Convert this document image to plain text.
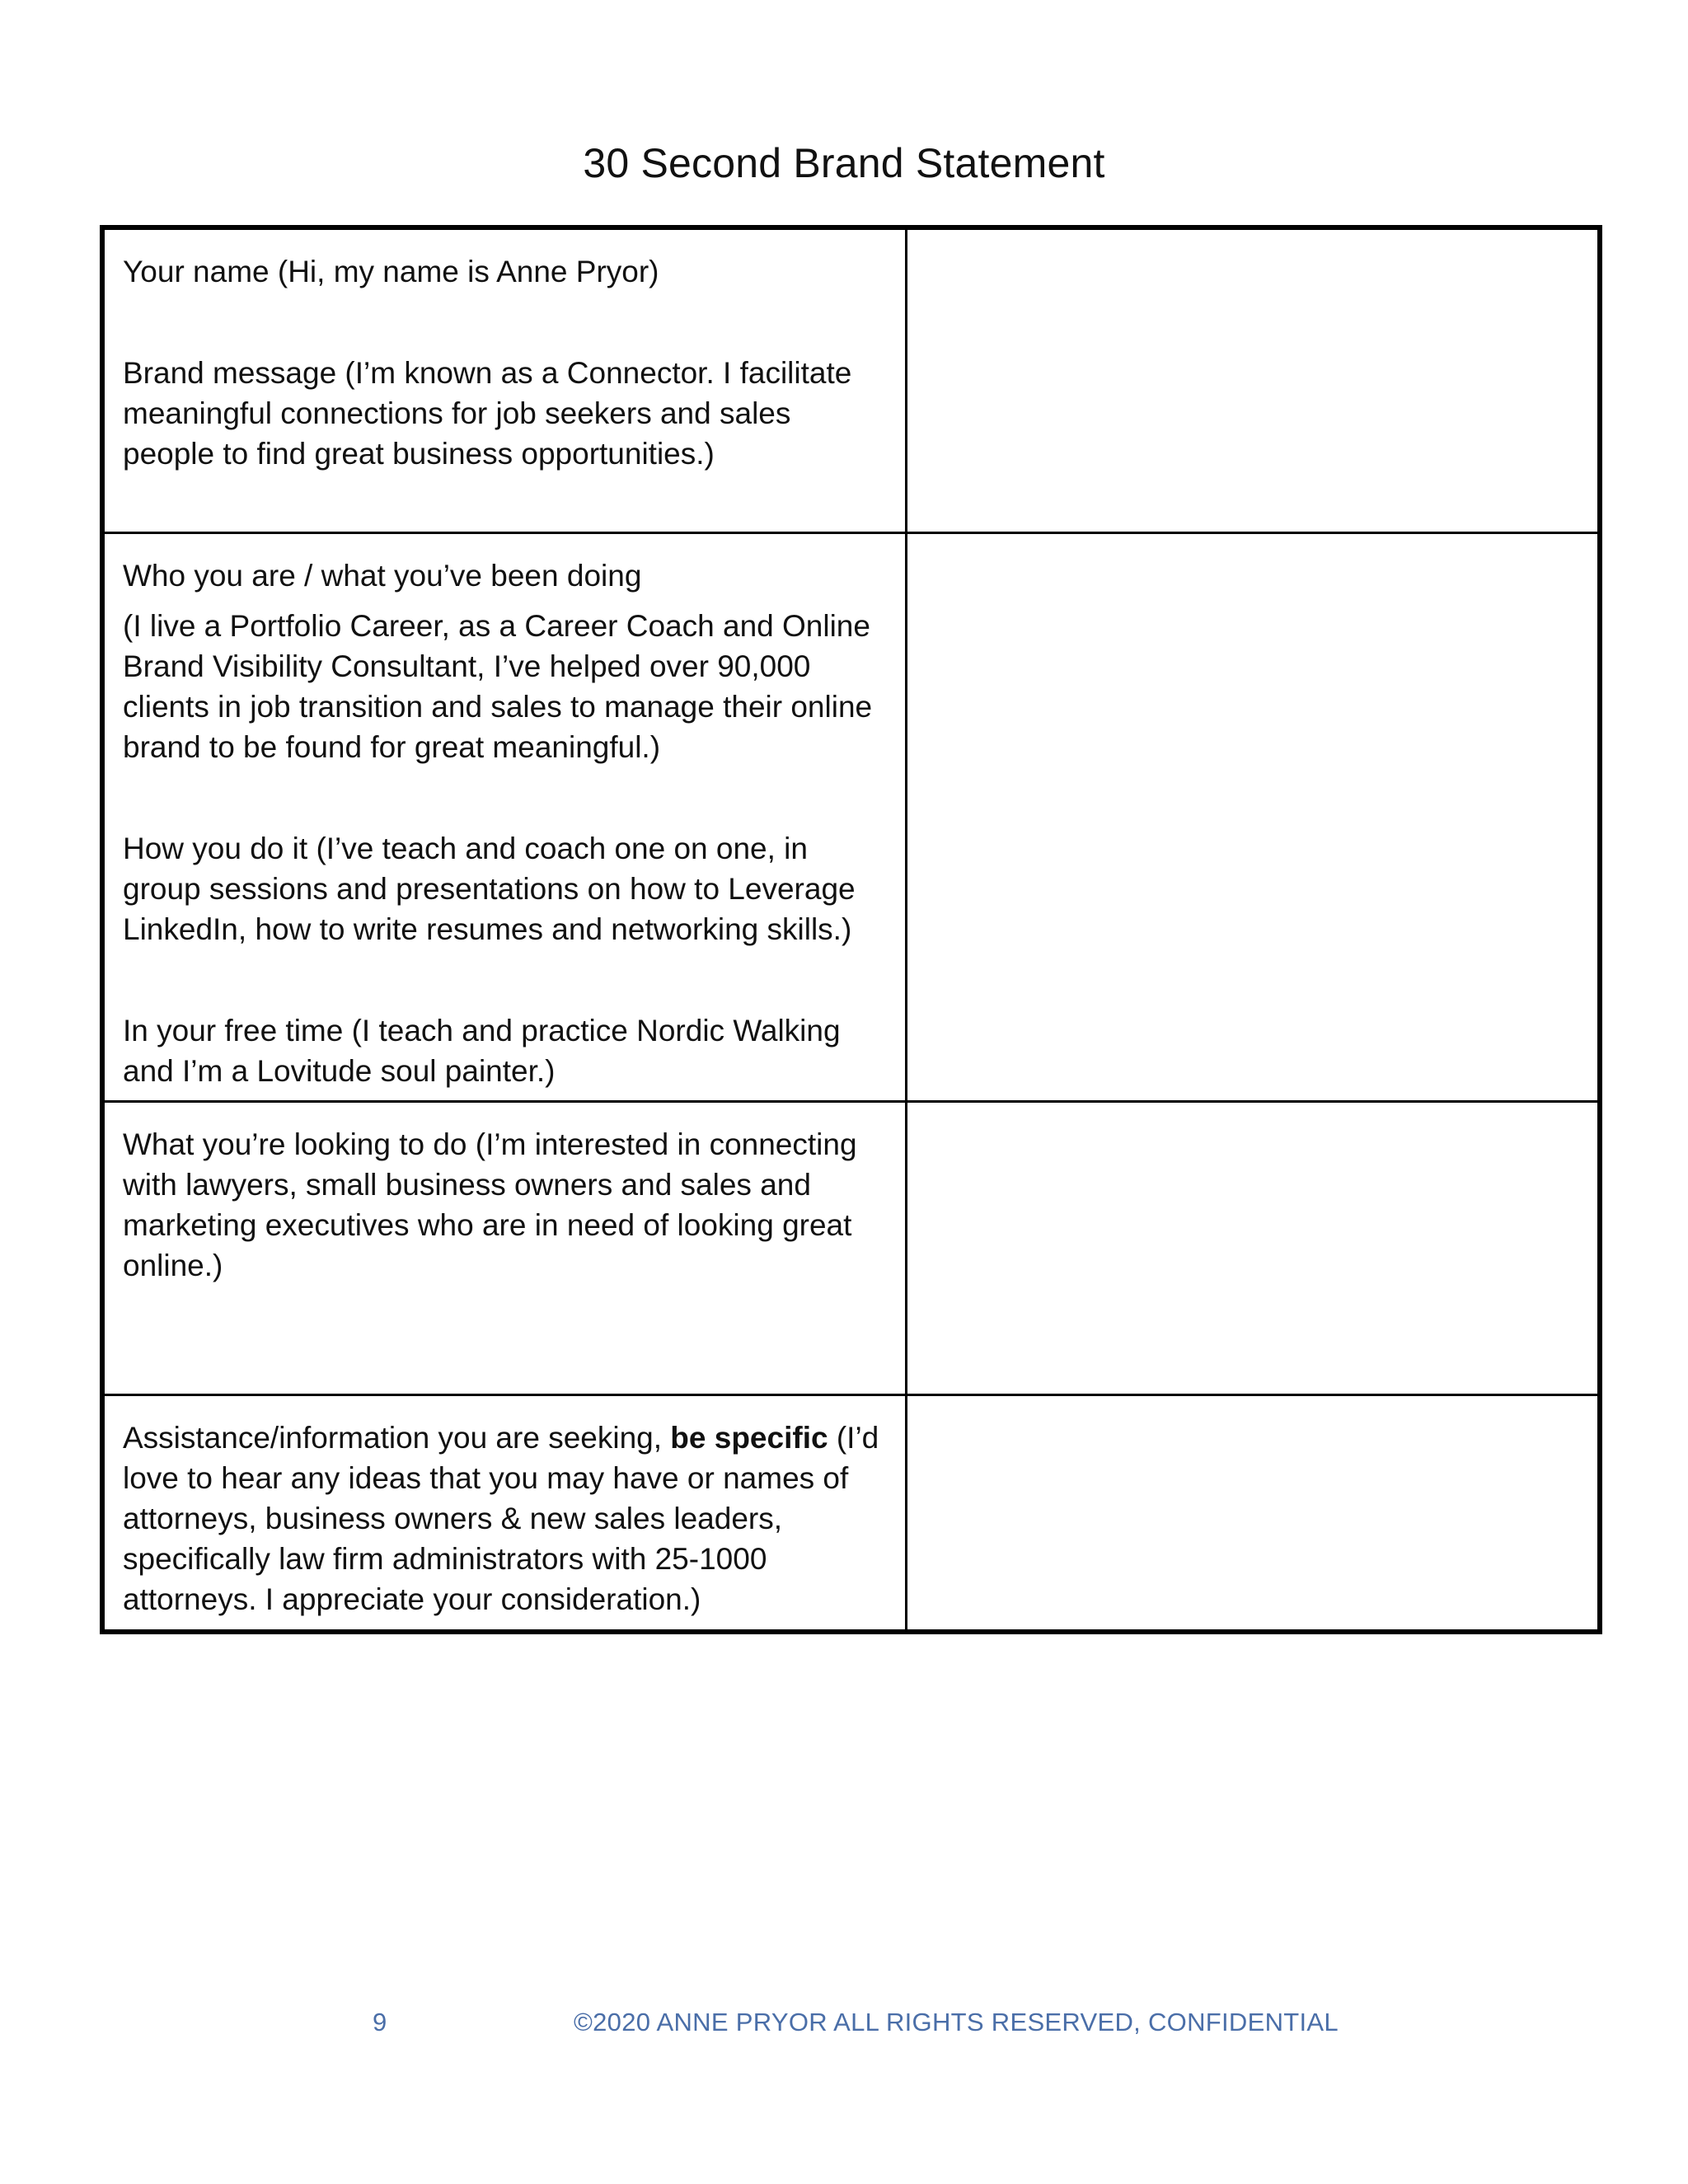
30 Second Brand Statement

Your name (Hi, my name is Anne Pryor)

Brand message (I’m known as a Connector. I facilitate meaningful connections for job seekers and sales people to find great business opportunities.)

Who you are / what you’ve been doing

(I live a Portfolio Career, as a Career Coach and Online Brand Visibility Consultant, I’ve helped over 90,000 clients in job transition and sales to manage their online brand to be found for great meaningful.)

How you do it (I’ve teach and coach one on one, in group sessions and presentations on how to Leverage LinkedIn, how to write resumes and networking skills.)

In your free time (I teach and practice Nordic Walking and I’m a Lovitude soul painter.)

What you’re looking to do (I’m interested in connecting with lawyers, small business owners and sales and marketing executives who are in need of looking great online.)

Assistance/information you are seeking, be specific (I’d love to hear any ideas that you may have or names of attorneys, business owners & new sales leaders, specifically law firm administrators with 25-1000 attorneys. I appreciate your consideration.)

9	©2020 ANNE PRYOR ALL RIGHTS RESERVED, CONFIDENTIAL
